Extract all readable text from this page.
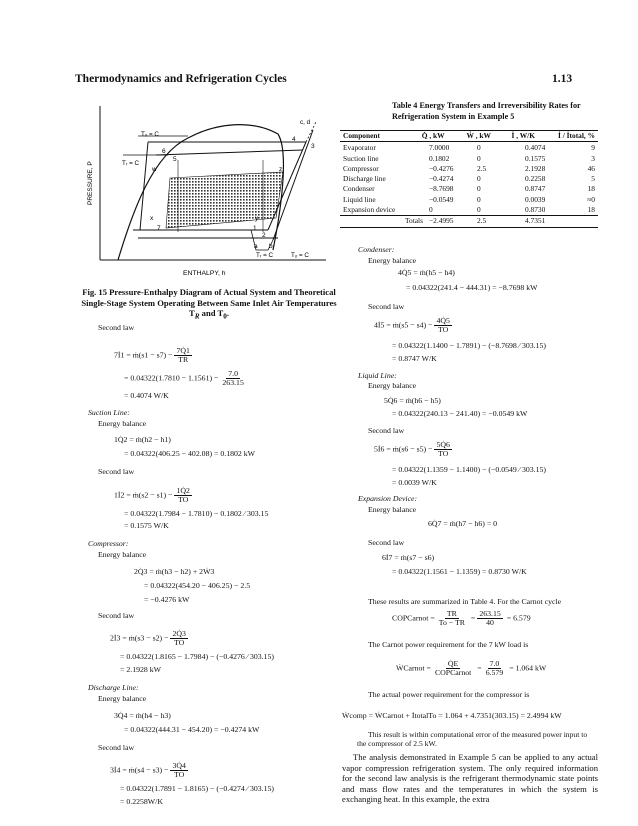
Thermodynamics and Refrigeration Cycles	1.13
Tₒ = C
Tᵣ = C
c, d
4
3
6
5
w	z
x	y
7	1
2
a b
Tᵣ = C	Tₒ = C
PRESSURE, P
ENTHALPY, h
Fig. 15 Pressure-Enthalpy Diagram of Actual System and Theoretical Single-Stage System Operating Between Same Inlet Air Temperatures $T_R$ and $T_0$.
Second law
7İ1 = ṁ(s1 − $s7) - \frac{7Q̇1}{TR}$
= $0.04322(1.7810 - 1.1561) - \frac{7.0}{263.15}$
= 0.4074 W/K
Suction Line:
Energy balance
1Q̇2 = ṁ(h2 − h1)
= 0.04322(406.25 − 402.08) = 0.1802 kW
Second law
1İ2 = ṁ(s2 − $s1) - \frac{1Q̇2}{TO}$
= 0.04322(1.7984 − 1.7810) − 0.1802 ⁄ 303.15
= 0.1575 W/K
Compressor:
Energy balance
2Q̇3 = ṁ(h3 − h2) + 2Ẇ3
= 0.04322(454.20 − 406.25) − 2.5
= −0.4276 kW
Second law
2İ3 = ṁ(s3 − $s2) - \frac{2Q̇3}{TO}$
= 0.04322(1.8165 − 1.7984) − (−0.4276 ⁄ 303.15)
= 2.1928 kW
Discharge Line:
Energy balance
3Q̇4 = ṁ(h4 − h3)
= 0.04322(444.31 − 454.20) = −0.4274 kW
Second law
3İ4 = ṁ(s4 − $s3) - \frac{3Q̇4}{TO}$
= 0.04322(1.7891 − 1.8165) − (−0.4274 ⁄ 303.15)
= 0.2258W/K
Table 4 Energy Transfers and Irreversibility Rates for Refrigeration System in Example 5
Component	Q̇ , kW	Ẇ , kW	İ , W/K	İ / İtotal, %
Evaporator	7.0000	0	0.4074	9
Suction line	0.1802	0	0.1575	3
Compressor	−0.4276	2.5	2.1928	46
Discharge line	−0.4274	0	0.2258	5
Condenser	−8.7698	0	0.8747	18
Liquid line	−0.0549	0	0.0039	≈0
Expansion device	0	0	0.8730	18
Totals	−2.4995	2.5	4.7351	
Condenser:
Energy balance
4Q̇5 = ṁ(h5 − h4)
= 0.04322(241.4 − 444.31) = −8.7698 kW
Second law
4İ5 = ṁ(s5 − $s4) - \frac{4Q̇5}{TO}$
= 0.04322(1.1400 − 1.7891) − (−8.7698 ⁄ 303.15)
= 0.8747 W/K
Liquid Line:
Energy balance
5Q̇6 = ṁ(h6 − h5)
= 0.04322(240.13 − 241.40) = −0.0549 kW
Second law
5İ6 = ṁ(s6 − $s5) - \frac{5Q̇6}{TO}$
= 0.04322(1.1359 − 1.1400) − (−0.0549 ⁄ 303.15)
= 0.0039 W/K
Expansion Device:
Energy balance
6Q̇7 = ṁ(h7 − h6) = 0
Second law
6İ7 = ṁ(s7 − s6)
= 0.04322(1.1561 − 1.1359) = 0.8730 W/K
These results are summarized in Table 4. For the Carnot cycle
COPCarnot = $\frac{TR}{To - TR} = \frac{263.15}{40} = 6.579$
The Carnot power requirement for the 7 kW load is
ẆCarnot = $\frac{Q̇E}{\text{COPCarnot}} = \frac{7.0}{6.579} = 1.064$ kW
The actual power requirement for the compressor is
Ẇcomp = ẆCarnot + İtotalTo = 1.064 + 4.7351(303.15) = 2.4994 kW
This result is within computational error of the measured power input to the compressor of 2.5 kW.
The analysis demonstrated in Example 5 can be applied to any actual vapor compression refrigeration system. The only required information for the second law analysis is the refrigerant thermodynamic state points and mass flow rates and the temperatures in which the system is exchanging heat. In this example, the extra
